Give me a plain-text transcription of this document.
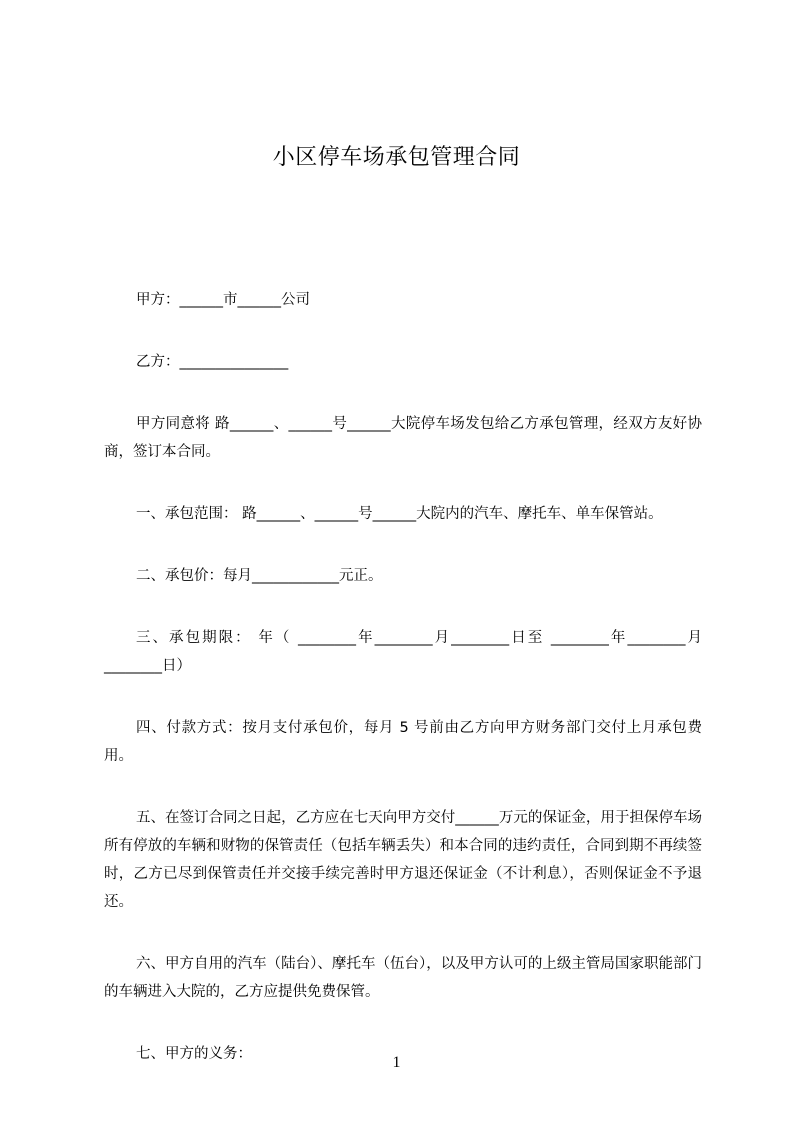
小区停车场承包管理合同

甲方：______市______公司

乙方：_______________

甲方同意将 路______、______号______大院停车场发包给乙方承包管理，经双方友好协商，签订本合同。

一、承包范围： 路______、______号______大院内的汽车、摩托车、单车保管站。

二、承包价：每月____________元正。

三、承包期限： 年（ ________年________月________日至 ________年________月________日）

四、付款方式：按月支付承包价，每月 5 号前由乙方向甲方财务部门交付上月承包费用。

五、在签订合同之日起，乙方应在七天向甲方交付______万元的保证金，用于担保停车场所有停放的车辆和财物的保管责任（包括车辆丢失）和本合同的违约责任，合同到期不再续签时，乙方已尽到保管责任并交接手续完善时甲方退还保证金（不计利息），否则保证金不予退还。

六、甲方自用的汽车（陆台）、摩托车（伍台），以及甲方认可的上级主管局国家职能部门的车辆进入大院的，乙方应提供免费保管。

七、甲方的义务：	1
